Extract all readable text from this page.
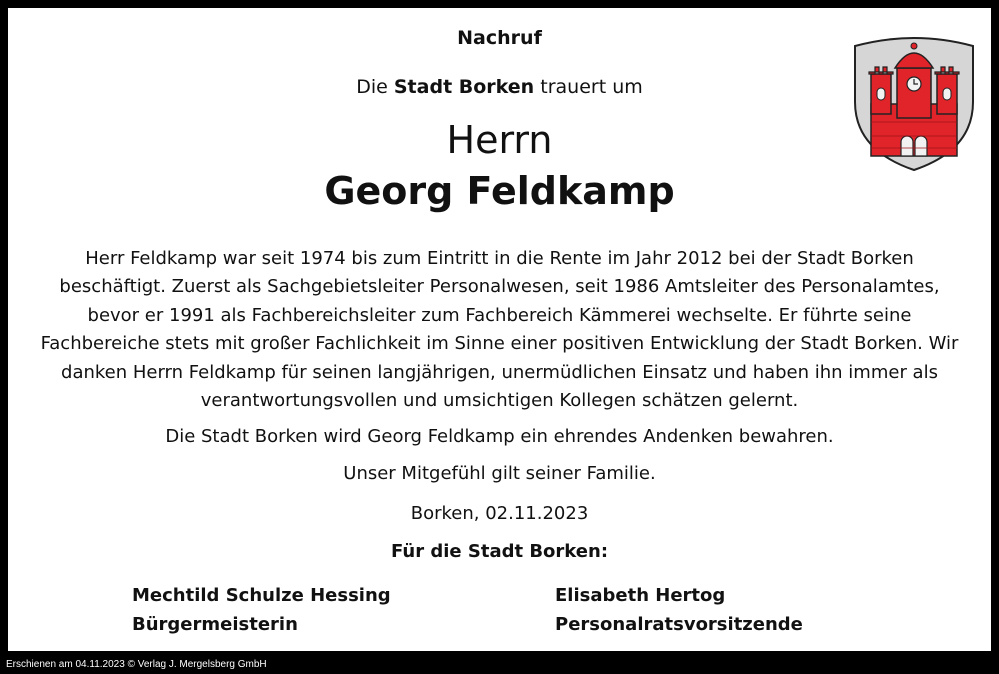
Nachruf
Die Stadt Borken trauert um
Herrn
Georg Feldkamp

Herr Feldkamp war seit 1974 bis zum Eintritt in die Rente im Jahr 2012 bei der Stadt Borken beschäftigt. Zuerst als Sachgebietsleiter Personalwesen, seit 1986 Amtsleiter des Personalamtes, bevor er 1991 als Fachbereichsleiter zum Fachbereich Kämmerei wechselte. Er führte seine Fachbereiche stets mit großer Fachlichkeit im Sinne einer positiven Entwicklung der Stadt Borken. Wir danken Herrn Feldkamp für seinen langjährigen, unermüdlichen Einsatz und haben ihn immer als verantwortungsvollen und umsichtigen Kollegen schätzen gelernt.

Die Stadt Borken wird Georg Feldkamp ein ehrendes Andenken bewahren.
Unser Mitgefühl gilt seiner Familie.
Borken, 02.11.2023
Für die Stadt Borken:
Mechtild Schulze Hessing
Bürgermeisterin
Elisabeth Hertog
Personalratsvorsitzende
Erschienen am 04.11.2023 © Verlag J. Mergelsberg GmbH
